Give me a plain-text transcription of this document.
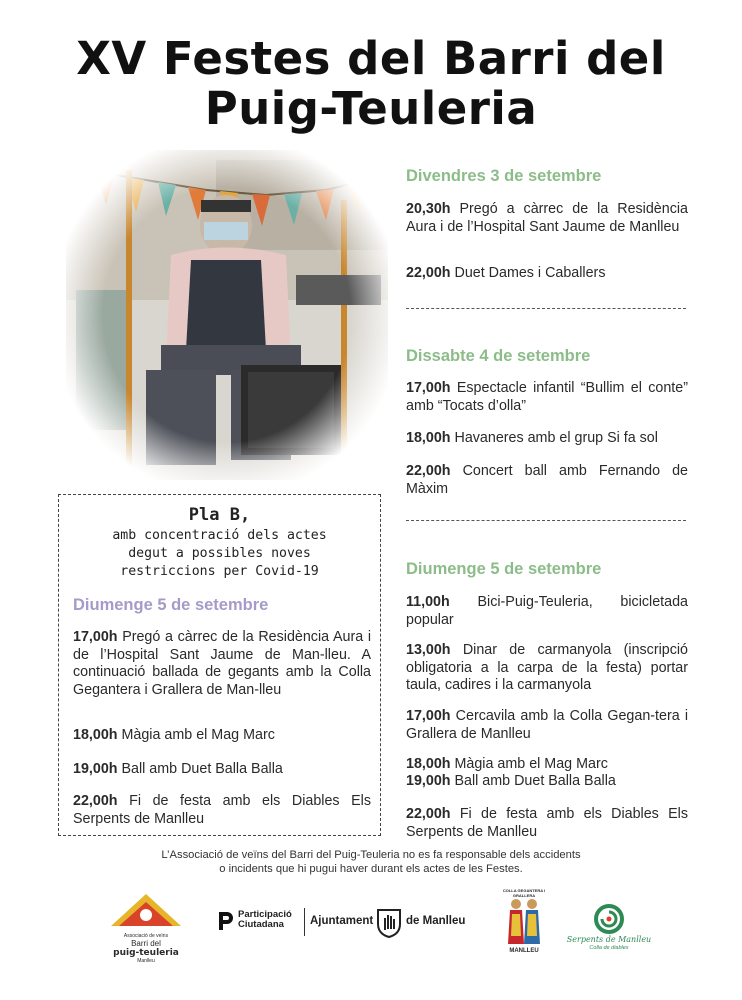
XV Festes del Barri del
Puig-Teuleria
Divendres 3 de setembre
20,30h Pregó a càrrec de la Residència Aura i de l’Hospital Sant Jaume de Manlleu
22,00h Duet Dames i Caballers
Dissabte 4 de setembre
17,00h Espectacle infantil “Bullim el conte” amb “Tocats d’olla”
18,00h Havaneres amb el grup Si fa sol
22,00h Concert ball amb Fernando de Màxim
Diumenge 5 de setembre
11,00h Bici-Puig-Teuleria, bicicletada popular
13,00h Dinar de carmanyola (inscripció obligatoria a la carpa de la festa) portar taula, cadires i la carmanyola
17,00h Cercavila amb la Colla Gegan-tera i Grallera de Manlleu
18,00h Màgia amb el Mag Marc
19,00h Ball amb Duet Balla Balla
22,00h Fi de festa amb els Diables Els Serpents de Manlleu
Pla B,
amb concentració dels actes
degut a possibles noves
restriccions per Covid-19
Diumenge 5 de setembre
17,00h Pregó a càrrec de la Residència Aura i de l’Hospital Sant Jaume de Man-lleu. A continuació ballada de gegants amb la Colla Gegantera i Grallera de Man-lleu
18,00h Màgia amb el Mag Marc
19,00h Ball amb Duet Balla Balla
22,00h Fi de festa amb els Diables Els Serpents de Manlleu
L’Associació de veïns del Barri del Puig-Teuleria no es fa responsable dels accidents
o incidents que hi pugui haver durant els actes de les Festes.
Associació de veïns
Barri del
puig-teuleria
Manlleu
Participació
Ciutadana Ajuntament	de Manlleu
COLLA GEGANTERA I GRALLERA
MANLLEU
Serpents de Manlleu
Colla de diables
